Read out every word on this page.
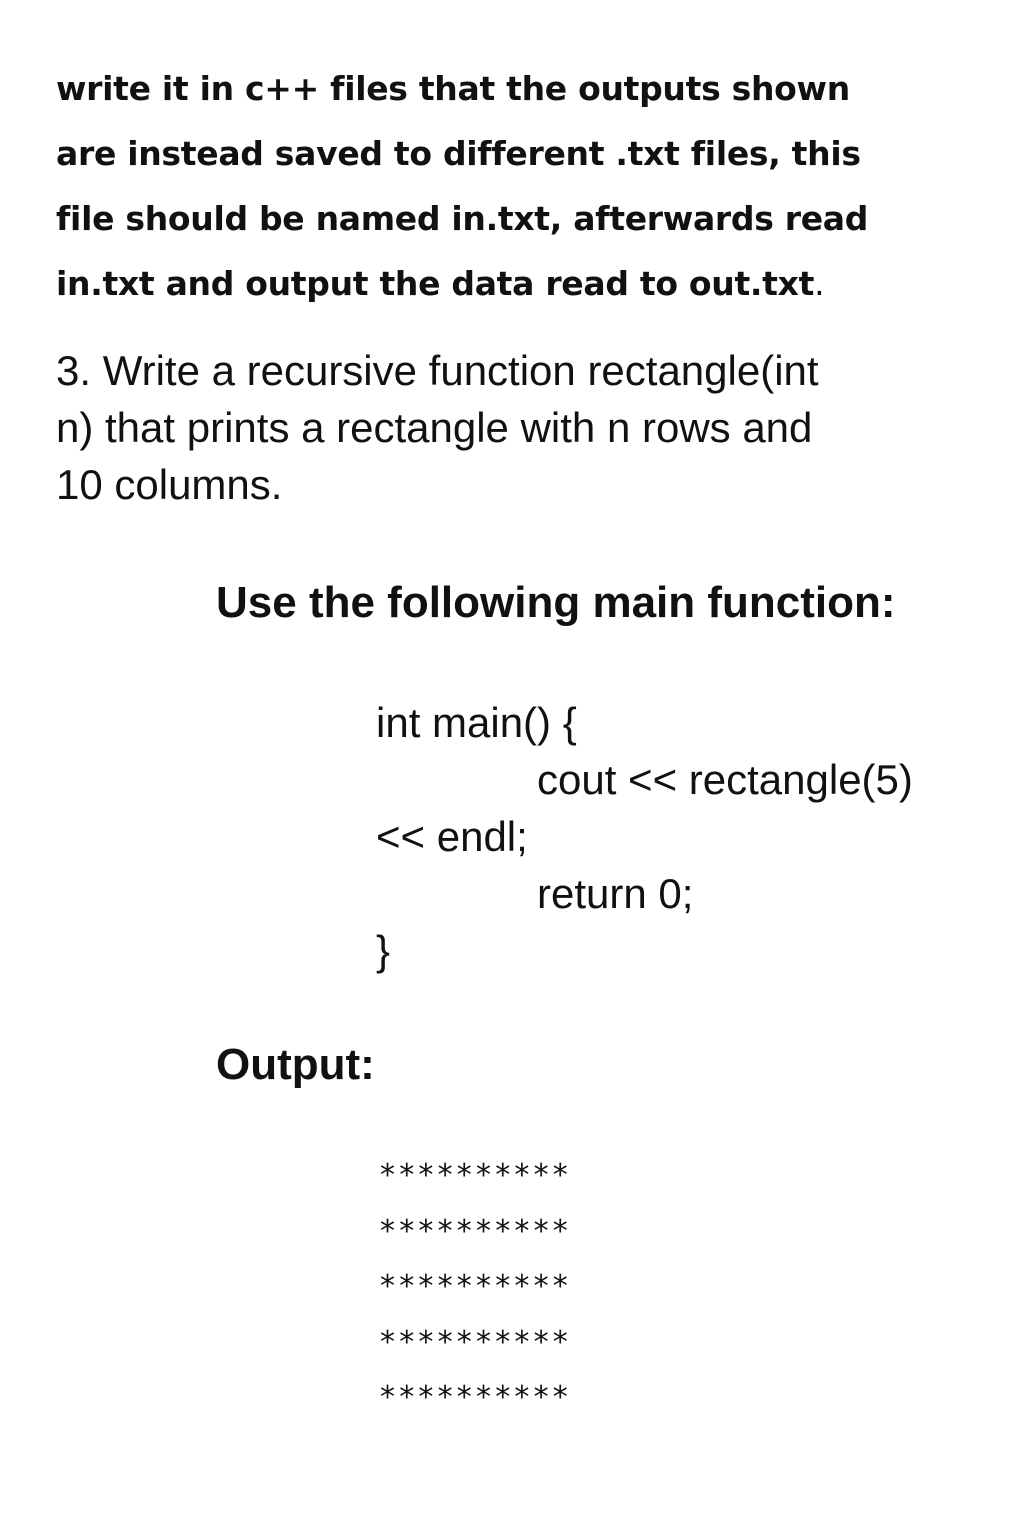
write it in c++ files that the outputs shown
are instead saved to different .txt files, this
file should be named in.txt, afterwards read
in.txt and output the data read to out.txt.

3. Write a recursive function rectangle(int
n) that prints a rectangle with n rows and
10 columns.

Use the following main function:
int main() {
cout << rectangle(5)
<< endl;
return 0;
}
Output:
**********
**********
**********
**********
**********
